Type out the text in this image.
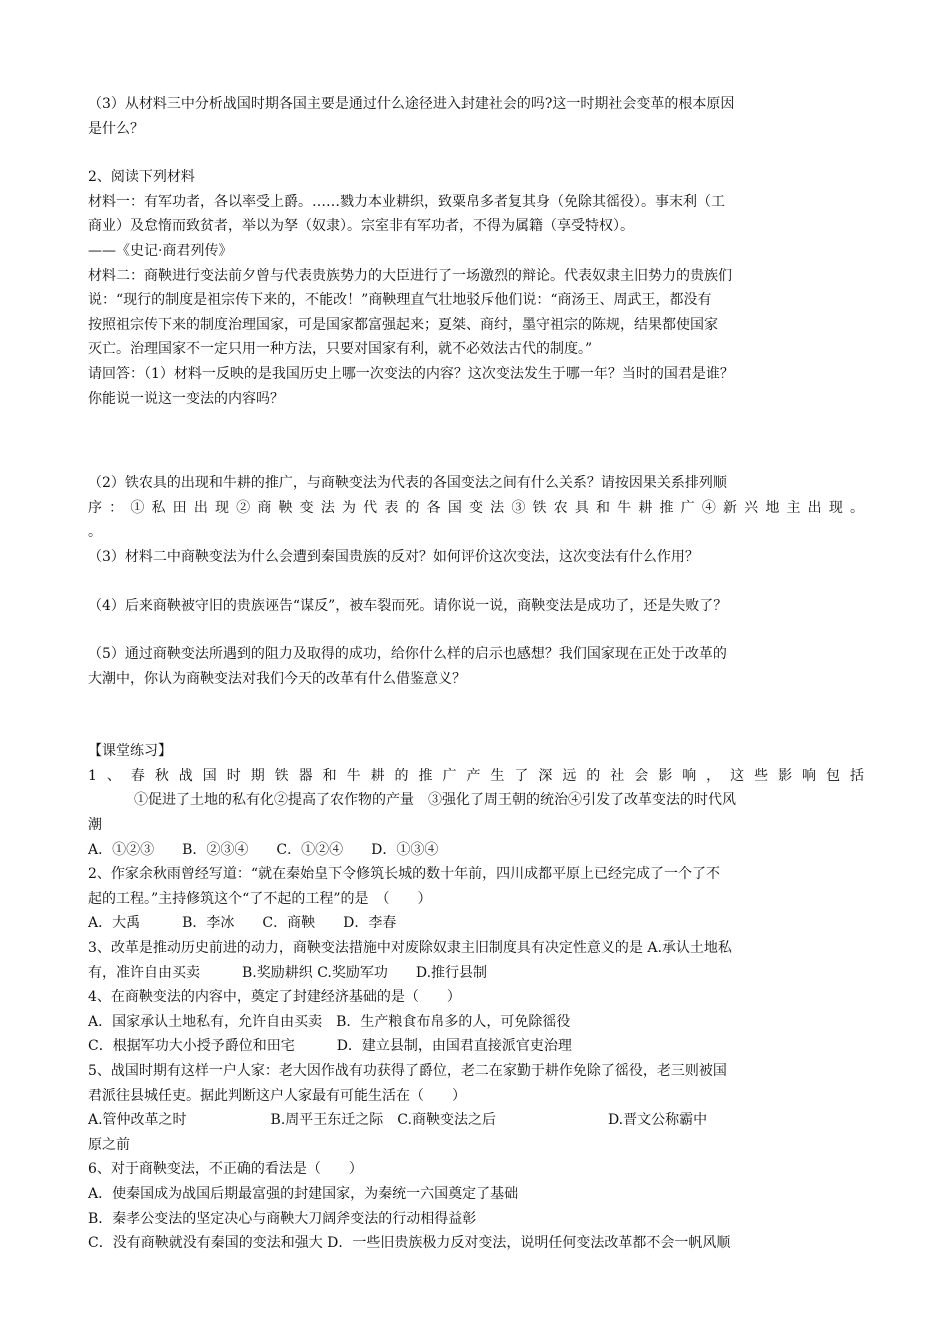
（3）从材料三中分析战国时期各国主要是通过什么途径进入封建社会的吗?这一时期社会变革的根本原因

是什么？

2、阅读下列材料

材料一：有军功者，各以率受上爵。……戮力本业耕织，致粟帛多者复其身（免除其徭役）。事末利（工

商业）及怠惰而致贫者，举以为孥（奴隶）。宗室非有军功者，不得为属籍（享受特权）。

——《史记·商君列传》

材料二：商鞅进行变法前夕曾与代表贵族势力的大臣进行了一场激烈的辩论。代表奴隶主旧势力的贵族们

说：“现行的制度是祖宗传下来的，不能改！”商鞅理直气壮地驳斥他们说：“商汤王、周武王，都没有

按照祖宗传下来的制度治理国家，可是国家都富强起来；夏桀、商纣，墨守祖宗的陈规，结果都使国家

灭亡。治理国家不一定只用一种方法，只要对国家有利，就不必效法古代的制度。”

请回答：（1）材料一反映的是我国历史上哪一次变法的内容？这次变法发生于哪一年？当时的国君是谁？

你能说一说这一变法的内容吗？

（2）铁农具的出现和牛耕的推广，与商鞅变法为代表的各国变法之间有什么关系？请按因果关系排列顺

序：①私田出现②商鞅变法为代表的各国变法③铁农具和牛耕推广④新兴地主出现。

。

（3）材料二中商鞅变法为什么会遭到秦国贵族的反对？如何评价这次变法，这次变法有什么作用？

（4）后来商鞅被守旧的贵族诬告“谋反”，被车裂而死。请你说一说，商鞅变法是成功了，还是失败了？

（5）通过商鞅变法所遇到的阻力及取得的成功，给你什么样的启示也感想？我们国家现在正处于改革的

大潮中，你认为商鞅变法对我们今天的改革有什么借鉴意义？

【课堂练习】

1、春秋战国时期铁器和牛耕的推广产生了深远的社会影响，这些影响包括

①促进了土地的私有化②提高了农作物的产量　③强化了周王朝的统治④引发了改革变法的时代风

潮

A．①②③　　B．②③④　　C．①②④　　D．①③④

2、作家余秋雨曾经写道：“就在秦始皇下令修筑长城的数十年前，四川成都平原上已经完成了一个了不

起的工程。”主持修筑这个“了不起的工程”的是　（　　）

A．大禹　　　B．李冰　　C．商鞅　　D．李春

3、改革是推动历史前进的动力，商鞅变法措施中对废除奴隶主旧制度具有决定性意义的是 A.承认土地私

有，准许自由买卖　　　B.奖励耕织 C.奖励军功　　D.推行县制

4、在商鞅变法的内容中，奠定了封建经济基础的是（　　）

A．国家承认土地私有，允许自由买卖　B．生产粮食布帛多的人，可免除徭役

C．根据军功大小授予爵位和田宅　　　D．建立县制，由国君直接派官吏治理

5、战国时期有这样一户人家：老大因作战有功获得了爵位，老二在家勤于耕作免除了徭役，老三则被国

君派往县城任吏。据此判断这户人家最有可能生活在（　　）

A.管仲改革之时　　　　　　B.周平王东迁之际　C.商鞅变法之后　　　　　　　　D.晋文公称霸中

原之前

6、对于商鞅变法，不正确的看法是（　　）

A．使秦国成为战国后期最富强的封建国家，为秦统一六国奠定了基础

B．秦孝公变法的坚定决心与商鞅大刀阔斧变法的行动相得益彰

C．没有商鞅就没有秦国的变法和强大 D．一些旧贵族极力反对变法，说明任何变法改革都不会一帆风顺
